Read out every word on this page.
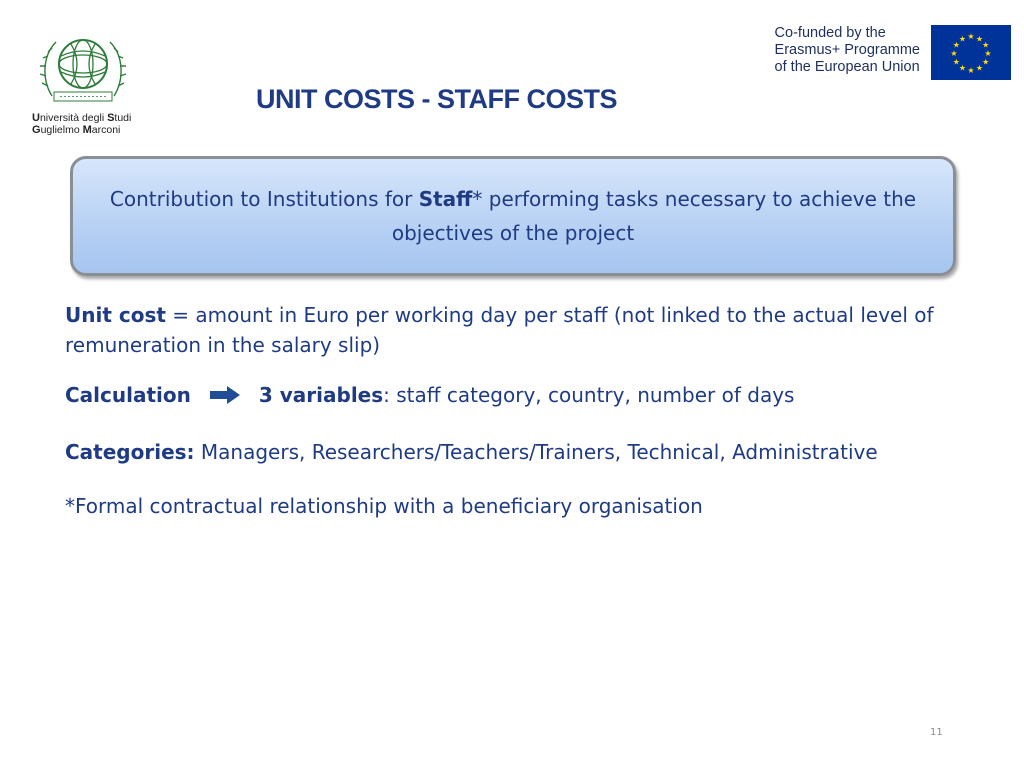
Università degli Studi
Guglielmo Marconi
Co-funded by the
Erasmus+ Programme
of the European Union
★ ★
★
★
★
★
★
★
★
★
★
★
UNIT COSTS - STAFF COSTS
Contribution to Institutions for Staff* performing tasks necessary to achieve the objectives of the project
Unit cost = amount in Euro per working day per staff (not linked to the actual level of remuneration in the salary slip)
Calculation	3 variables: staff category, country, number of days
Categories: Managers, Researchers/Teachers/Trainers, Technical, Administrative
*Formal contractual relationship with a beneficiary organisation
11
